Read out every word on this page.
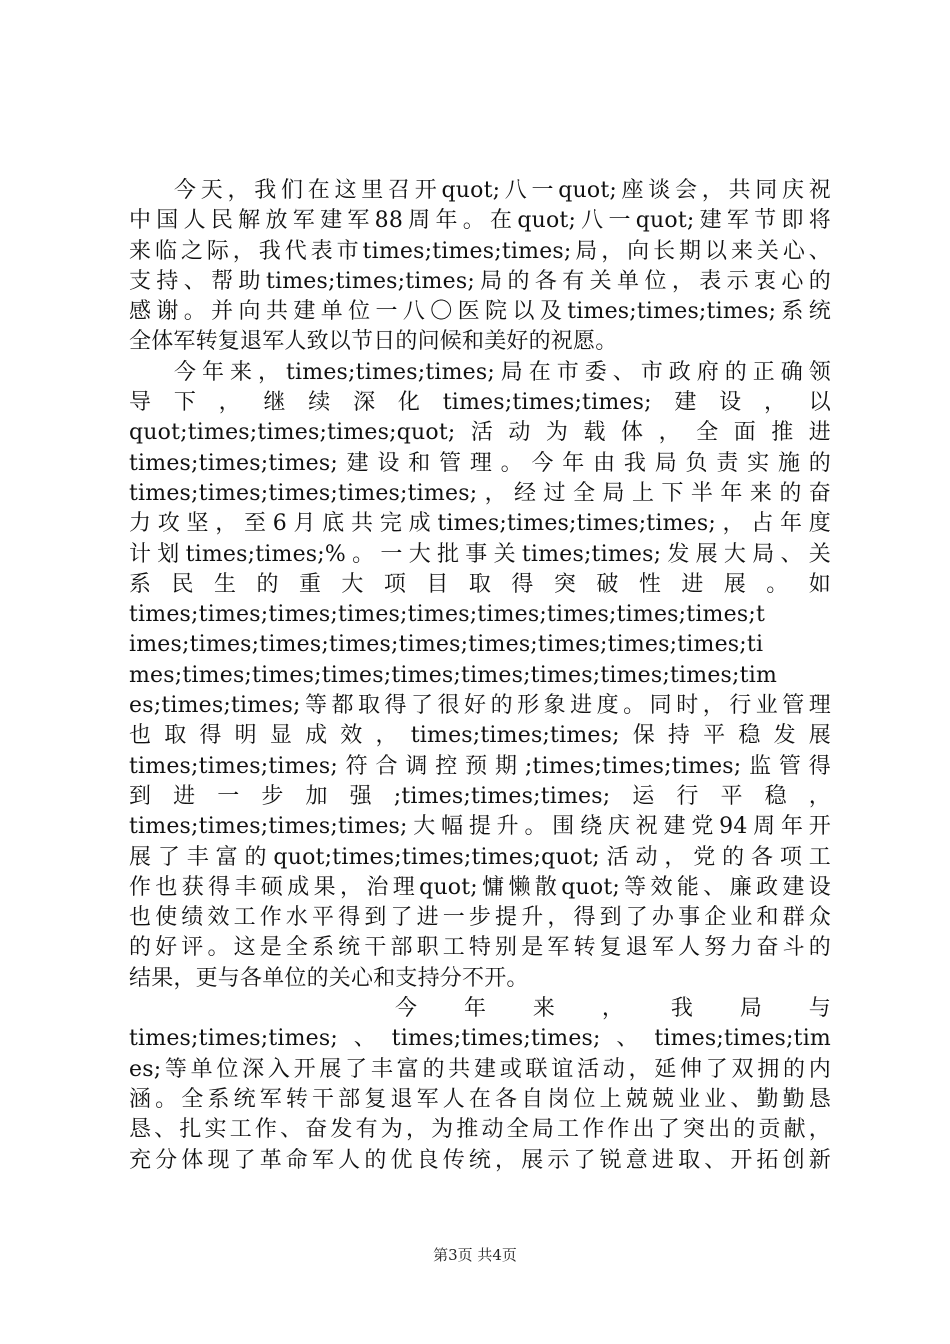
今天，我们在这里召开quot;八一quot;座谈会，共同庆祝
中国人民解放军建军88周年。在quot;八一quot;建军节即将
来临之际，我代表市times;times;times;局，向长期以来关心、
支持、帮助times;times;times;局的各有关单位，表示衷心的
感谢。并向共建单位一八〇医院以及times;times;times;系统
全体军转复退军人致以节日的问候和美好的祝愿。
今年来，times;times;times;局在市委、市政府的正确领
导下，继续深化times;times;times;建设，以
quot;times;times;times;quot;活动为载体，全面推进
times;times;times;建设和管理。今年由我局负责实施的
times;times;times;times;times;，经过全局上下半年来的奋
力攻坚，至6月底共完成times;times;times;times;，占年度
计划times;times;%。一大批事关times;times;发展大局、关
系民生的重大项目取得突破性进展。如
times;times;times;times;times;times;times;times;times;t
imes;times;times;times;times;times;times;times;times;ti
mes;times;times;times;times;times;times;times;times;tim
es;times;times;等都取得了很好的形象进度。同时，行业管理
也取得明显成效，times;times;times;保持平稳发展
times;times;times;符合调控预期;times;times;times;监管得
到进一步加强;times;times;times;运行平稳，
times;times;times;times;大幅提升。围绕庆祝建党94周年开
展了丰富的quot;times;times;times;quot;活动，党的各项工
作也获得丰硕成果，治理quot;慵懒散quot;等效能、廉政建设
也使绩效工作水平得到了进一步提升，得到了办事企业和群众
的好评。这是全系统干部职工特别是军转复退军人努力奋斗的
结果，更与各单位的关心和支持分不开。
今年来，我局与
times;times;times;、times;times;times;、times;times;tim
es;等单位深入开展了丰富的共建或联谊活动，延伸了双拥的内
涵。全系统军转干部复退军人在各自岗位上兢兢业业、勤勤恳
恳、扎实工作、奋发有为，为推动全局工作作出了突出的贡献，
充分体现了革命军人的优良传统，展示了锐意进取、开拓创新
第3页 共4页
